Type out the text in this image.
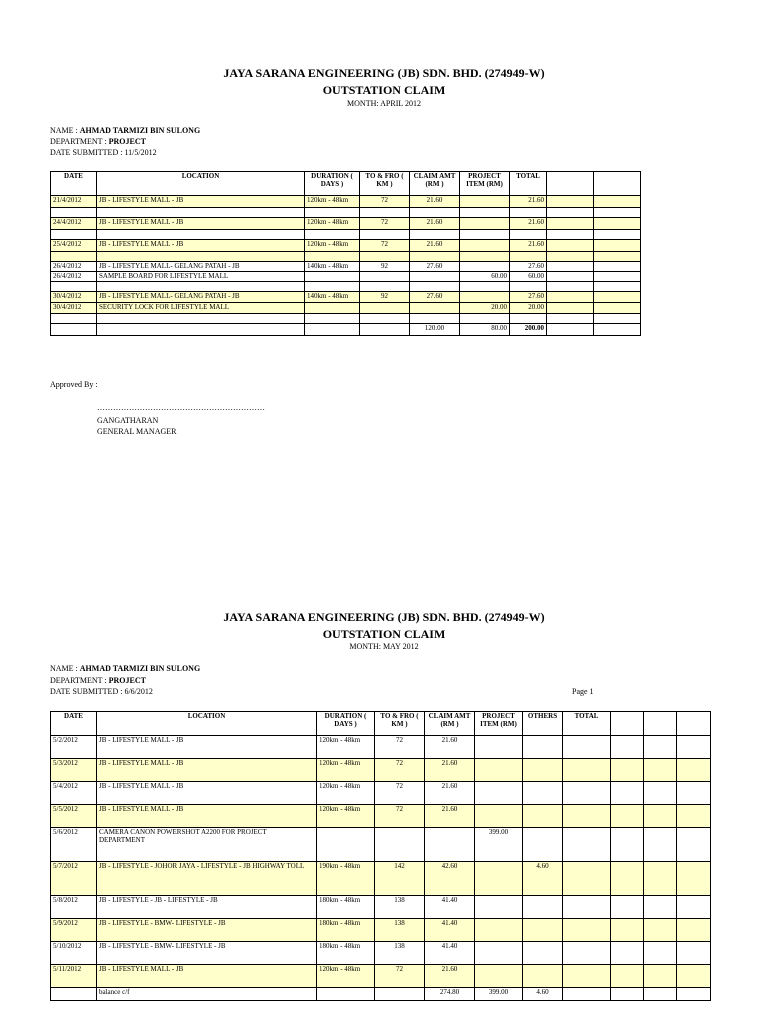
JAYA SARANA ENGINEERING (JB) SDN. BHD. (274949-W)
OUTSTATION CLAIM
MONTH: APRIL 2012
NAME : AHMAD TARMIZI BIN SULONG
DEPARTMENT : PROJECT
DATE SUBMITTED : 11/5/2012
DATE	LOCATION	DURATION ( DAYS )	TO & FRO ( KM )	CLAIM AMT (RM )	PROJECT ITEM (RM)	TOTAL		
21/4/2012	JB - LIFESTYLE MALL - JB	120km - 48km	72	21.60		21.60		

24/4/2012	JB - LIFESTYLE MALL - JB	120km - 48km	72	21.60		21.60		

25/4/2012	JB - LIFESTYLE MALL - JB	120km - 48km	72	21.60		21.60		

26/4/2012	JB - LIFESTYLE MALL- GELANG PATAH - JB	140km - 48km	92	27.60		27.60		
26/4/2012	SAMPLE BOARD FOR LIFESTYLE MALL				60.00	60.00		

30/4/2012	JB - LIFESTYLE MALL- GELANG PATAH - JB	140km - 48km	92	27.60		27.60		
30/4/2012	SECURITY LOCK FOR LIFESTYLE MALL				20.00	20.00		

				120.00	80.00	200.00		
Approved By :
………………………………………………………
GANGATHARAN
GENERAL MANAGER
JAYA SARANA ENGINEERING (JB) SDN. BHD. (274949-W)
OUTSTATION CLAIM
MONTH: MAY 2012
NAME : AHMAD TARMIZI BIN SULONG
DEPARTMENT : PROJECT
DATE SUBMITTED : 6/6/2012	Page 1
DATE	LOCATION	DURATION ( DAYS )	TO & FRO ( KM )	CLAIM AMT (RM )	PROJECT ITEM (RM)	OTHERS	TOTAL			
5/2/2012	JB - LIFESTYLE MALL - JB	120km - 48km	72	21.60						
5/3/2012	JB - LIFESTYLE MALL - JB	120km - 48km	72	21.60						
5/4/2012	JB - LIFESTYLE MALL - JB	120km - 48km	72	21.60						
5/5/2012	JB - LIFESTYLE MALL - JB	120km - 48km	72	21.60						
5/6/2012	CAMERA CANON POWERSHOT A2200 FOR PROJECT DEPARTMENT				399.00					
5/7/2012	JB - LIFESTYLE - JOHOR JAYA - LIFESTYLE - JB HIGHWAY TOLL	190km - 48km	142	42.60		4.60				
5/8/2012	JB - LIFESTYLE - JB - LIFESTYLE - JB	180km - 48km	138	41.40						
5/9/2012	JB - LIFESTYLE - BMW- LIFESTYLE - JB	180km - 48km	138	41.40						
5/10/2012	JB - LIFESTYLE - BMW- LIFESTYLE - JB	180km - 48km	138	41.40						
5/11/2012	JB - LIFESTYLE MALL - JB	120km - 48km	72	21.60						
	balance c/f			274.80	399.00	4.60				
